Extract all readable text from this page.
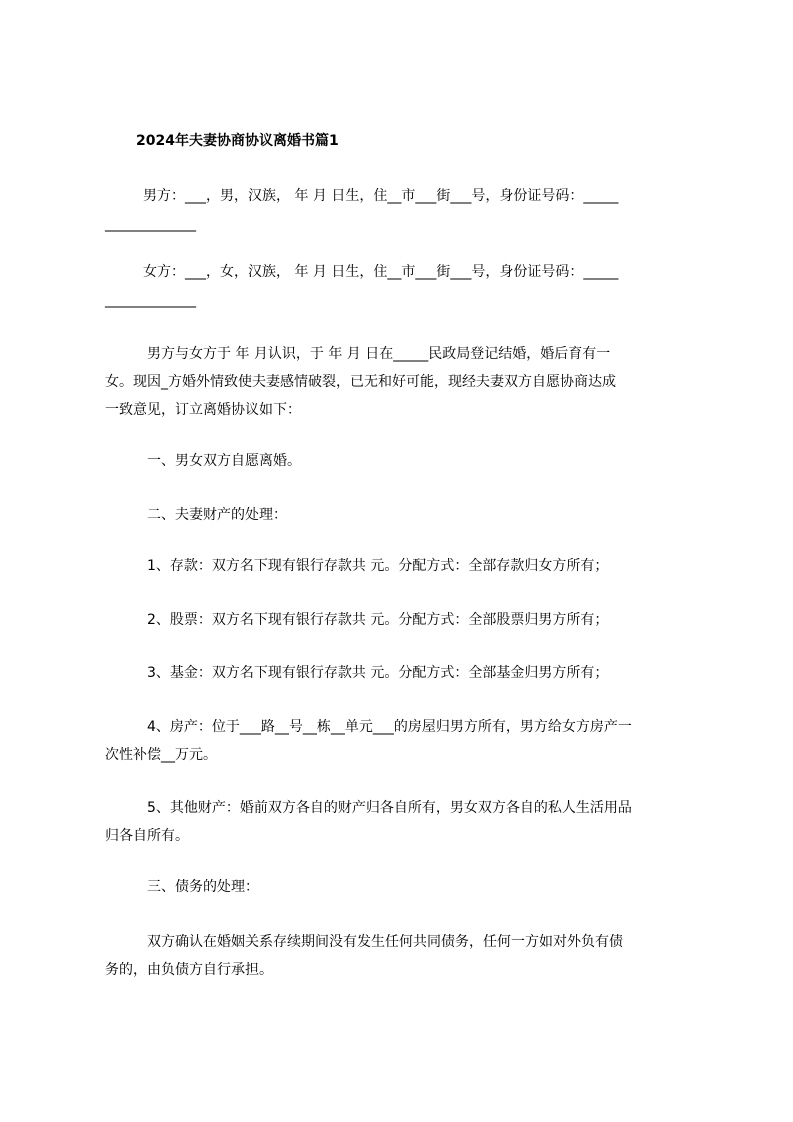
2024年夫妻协商协议离婚书篇1
男方：___，男，汉族， 年 月 日生，住__市___街___号，身份证号码：_____
_____________
女方：___，女，汉族， 年 月 日生，住__市___街___号，身份证号码：_____
_____________
男方与女方于 年 月认识，于 年 月 日在_____民政局登记结婚，婚后育有一
女。现因_方婚外情致使夫妻感情破裂，已无和好可能，现经夫妻双方自愿协商达成
一致意见，订立离婚协议如下：
一、男女双方自愿离婚。
二、夫妻财产的处理：
1、存款：双方名下现有银行存款共 元。分配方式：全部存款归女方所有；
2、股票：双方名下现有银行存款共 元。分配方式：全部股票归男方所有；
3、基金：双方名下现有银行存款共 元。分配方式：全部基金归男方所有；
4、房产：位于___路__号__栋__单元___的房屋归男方所有，男方给女方房产一
次性补偿__万元。
5、其他财产：婚前双方各自的财产归各自所有，男女双方各自的私人生活用品
归各自所有。
三、债务的处理：
双方确认在婚姻关系存续期间没有发生任何共同债务，任何一方如对外负有债
务的，由负债方自行承担。
